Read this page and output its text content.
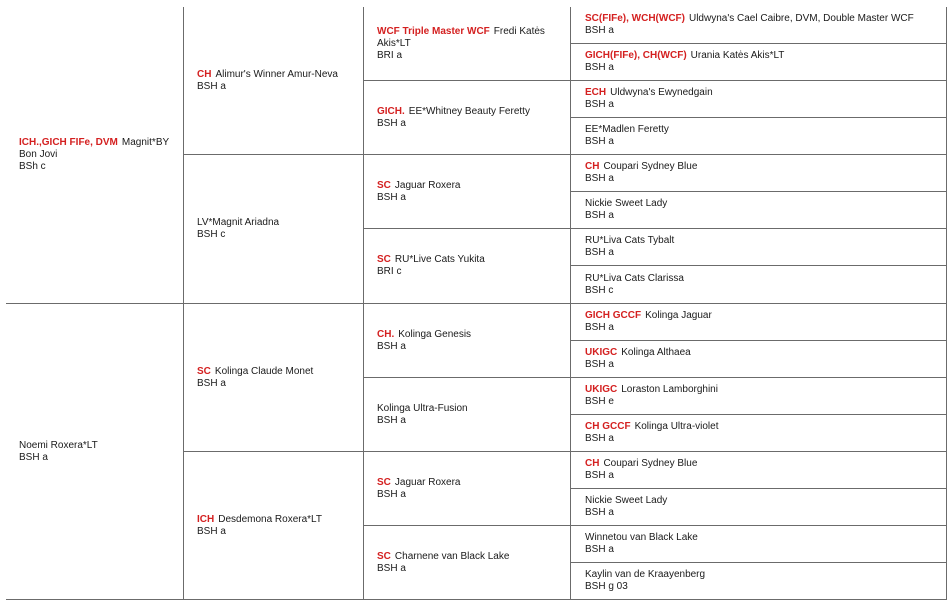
ICH.,GICH FIFe, DVM Magnit*BY Bon Jovi
BSh c
Noemi Roxera*LT
BSH a
CH Alimur's Winner Amur-Neva
BSH a
LV*Magnit Ariadna
BSH c
SC Kolinga Claude Monet
BSH a
ICH Desdemona Roxera*LT
BSH a
WCF Triple Master WCF Fredi Katės Akis*LT
BRI a
GICH. EE*Whitney Beauty Feretty
BSH a
SC Jaguar Roxera
BSH a
SC RU*Live Cats Yukita
BRI c
CH. Kolinga Genesis
BSH a
Kolinga Ultra-Fusion
BSH a
SC Jaguar Roxera
BSH a
SC Charnene van Black Lake
BSH a
SC(FIFe), WCH(WCF) Uldwyna's Cael Caibre, DVM, Double Master WCF
BSH a
GICH(FIFe), CH(WCF) Urania Katės Akis*LT
BSH a
ECH Uldwyna's Ewynedgain
BSH a
EE*Madlen Feretty
BSH a
CH Coupari Sydney Blue
BSH a
Nickie Sweet Lady
BSH a
RU*Liva Cats Tybalt
BSH a
RU*Liva Cats Clarissa
BSH c
GICH GCCF Kolinga Jaguar
BSH a
UKIGC Kolinga Althaea
BSH a
UKIGC Loraston Lamborghini
BSH e
CH GCCF Kolinga Ultra-violet
BSH a
CH Coupari Sydney Blue
BSH a
Nickie Sweet Lady
BSH a
Winnetou van Black Lake
BSH a
Kaylin van de Kraayenberg
BSH g 03
